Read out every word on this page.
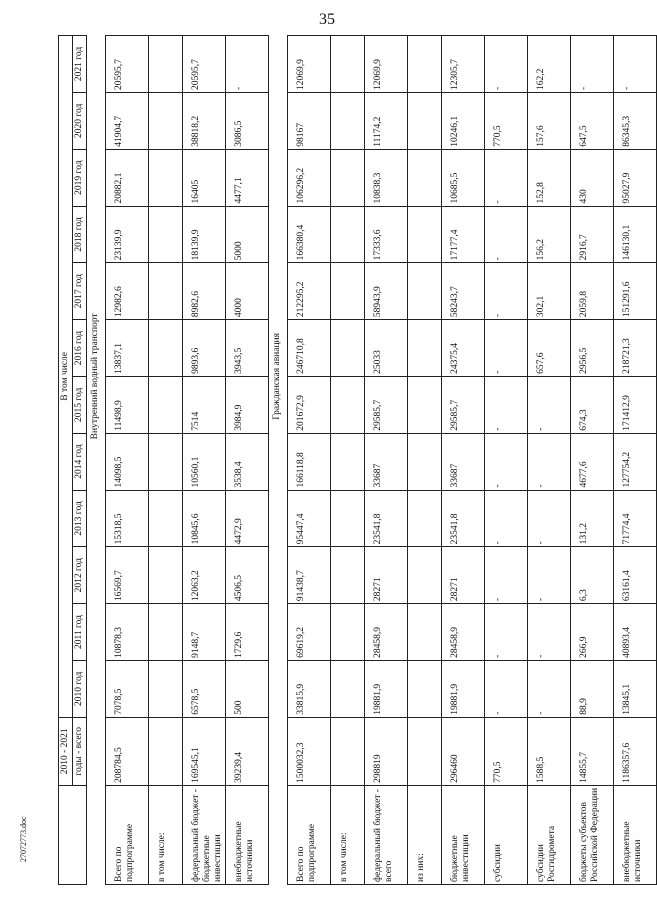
35
	2010 - 2021	В том числе											
	годы - всего	2010 год	2011 год	2012 год	2013 год	2014 год	2015 год	2016 год	2017 год	2018 год	2019 год	2020 год	2021 год
		Внутренний водный транспорт											
Всего по подпрограмме	208784,5	7078,5	10878,3	16569,7	15318,5	14098,5	11498,9	13837,1	12982,6	23139,9	20882,1	41904,7	20595,7
в том числе:													
федеральный бюджет - бюджетные инвестиции	169545,1	6578,5	9148,7	12063,2	10845,6	10560,1	7514	9893,6	8982,6	18139,9	16405	38818,2	20595,7
внебюджетные источники	39239,4	500	1729,6	4506,5	4472,9	3538,4	3984,9	3943,5	4000	5000	4477,1	3086,5	-
		Гражданская авиация											
Всего по подпрограмме	1500032,3	33815,9	69619,2	91438,7	95447,4	166118,8	201672,9	246710,8	212295,2	166380,4	106296,2	98167	12069,9
в том числе:													
федеральный бюджет - всего	298819	19881,9	28458,9	28271	23541,8	33687	29585,7	25033	58943,9	17333,6	10838,3	11174,2	12069,9
из них:													
бюджетные инвестиции	296460	19881,9	28458,9	28271	23541,8	33687	29585,7	24375,4	58243,7	17177,4	10685,5	10246,1	12305,7
субсидии	770,5	-	-	-	-	-	-	-	-	-	-	770,5	-
субсидии Росгидромета	1588,5	-	-	-	-	-	-	657,6	302,1	156,2	152,8	157,6	162,2
бюджеты субъектов Российской Федерации	14855,7	88,9	266,9	6,3	131,2	4677,6	674,3	2956,5	2059,8	2916,7	430	647,5	-
внебюджетные источники	1186357,6	13845,1	40893,4	63161,4	71774,4	127754,2	171412,9	218721,3	151291,6	146130,1	95027,9	86345,3	-
27072773.doc
